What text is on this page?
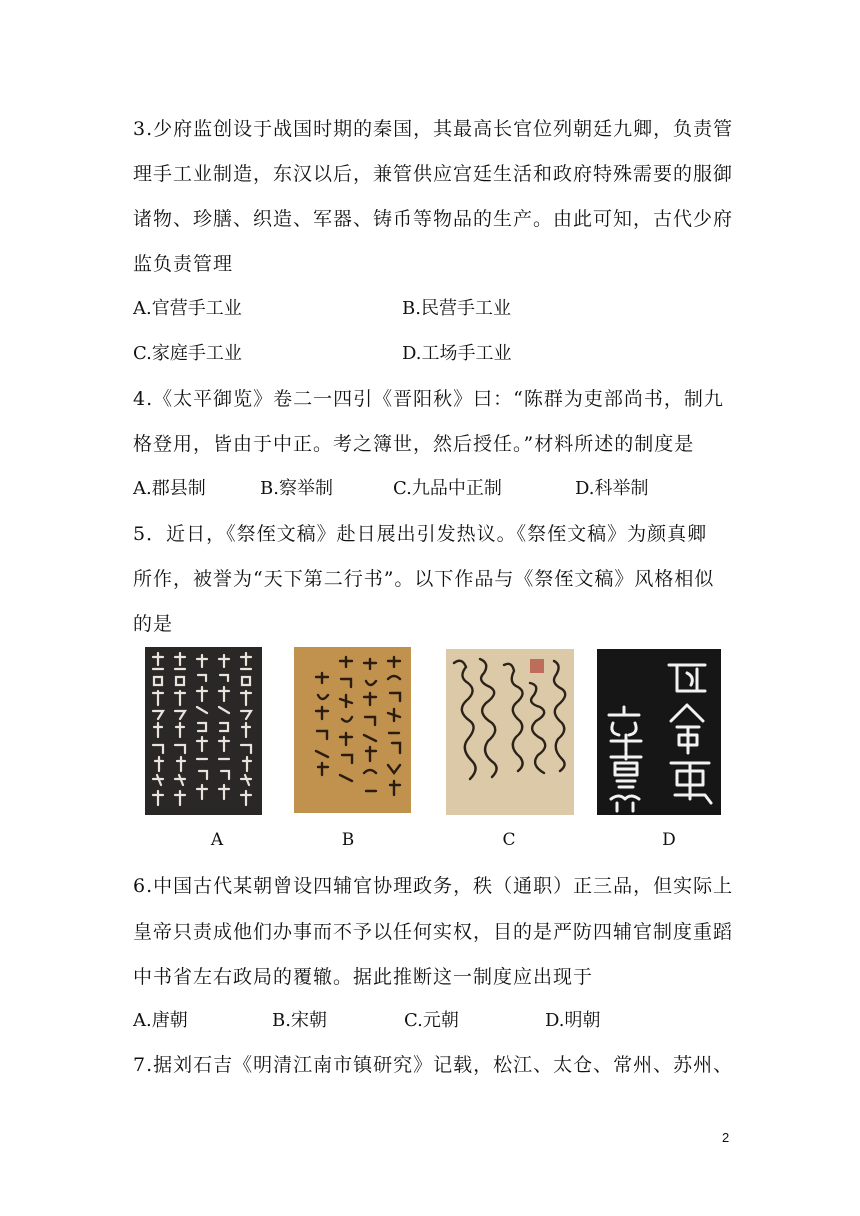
3.少府监创设于战国时期的秦国，其最高长官位列朝廷九卿，负责管
理手工业制造，东汉以后，兼管供应宫廷生活和政府特殊需要的服御
诸物、珍膳、织造、军器、铸币等物品的生产。由此可知，古代少府
监负责管理
A.官营手工业	B.民营手工业
C.家庭手工业	D.工场手工业
4.《太平御览》卷二一四引《晋阳秋》曰：“陈群为吏部尚书，制九
格登用，皆由于中正。考之簿世，然后授任。”材料所述的制度是
A.郡县制	B.察举制	C.九品中正制	D.科举制
5．近日，《祭侄文稿》赴日展出引发热议。《祭侄文稿》为颜真卿
所作，被誉为“天下第二行书”。以下作品与《祭侄文稿》风格相似
的是
A	B	C	D
6.中国古代某朝曾设四辅官协理政务，秩（通职）正三品，但实际上
皇帝只责成他们办事而不予以任何实权，目的是严防四辅官制度重蹈
中书省左右政局的覆辙。据此推断这一制度应出现于
A.唐朝	B.宋朝	C.元朝	D.明朝
7.据刘石吉《明清江南市镇研究》记载，松江、太仓、常州、苏州、
2
